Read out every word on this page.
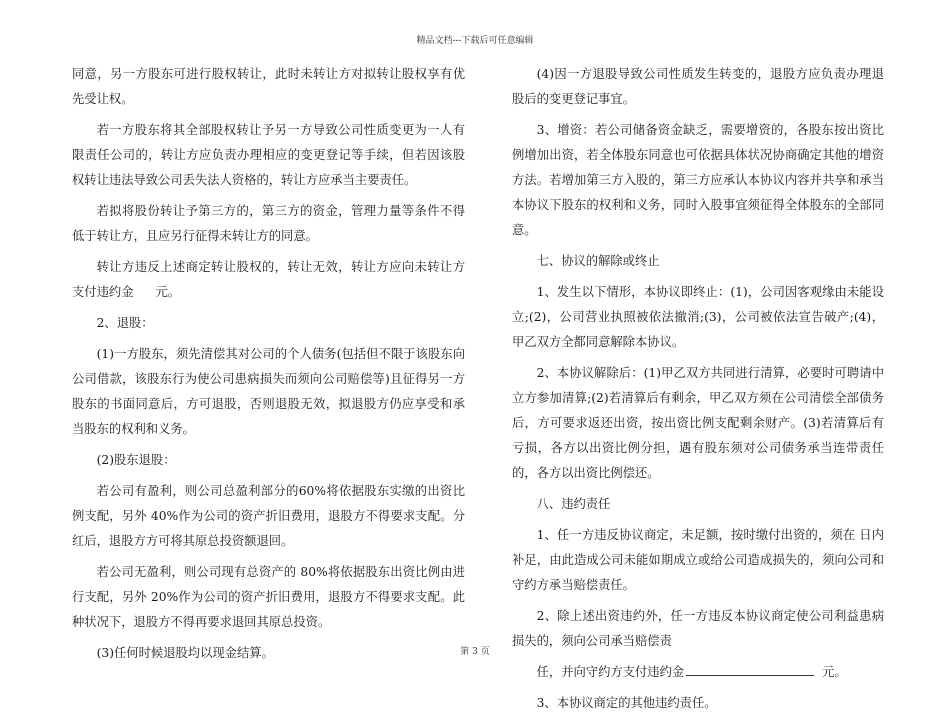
精品文档---下载后可任意编辑

同意，另一方股东可进行股权转让，此时未转让方对拟转让股权享有优先受让权。

若一方股东将其全部股权转让予另一方导致公司性质变更为一人有限责任公司的，转让方应负责办理相应的变更登记等手续，但若因该股权转让违法导致公司丢失法人资格的，转让方应承当主要责任。

若拟将股份转让予第三方的，第三方的资金，管理力量等条件不得低于转让方，且应另行征得未转让方的同意。

转让方违反上述商定转让股权的，转让无效，转让方应向未转让方支付违约金 元。

2、退股：

(1)一方股东，须先清偿其对公司的个人债务(包括但不限于该股东向公司借款，该股东行为使公司患病损失而须向公司赔偿等)且征得另一方股东的书面同意后，方可退股，否则退股无效，拟退股方仍应享受和承当股东的权利和义务。

(2)股东退股：

若公司有盈利，则公司总盈利部分的60%将依据股东实缴的出资比例支配，另外 40%作为公司的资产折旧费用，退股方不得要求支配。分红后，退股方方可将其原总投资额退回。

若公司无盈利，则公司现有总资产的 80%将依据股东出资比例由进行支配，另外 20%作为公司的资产折旧费用，退股方不得要求支配。此种状况下，退股方不得再要求退回其原总投资。

(3)任何时候退股均以现金结算。

(4)因一方退股导致公司性质发生转变的，退股方应负责办理退股后的变更登记事宜。

3、增资：若公司储备资金缺乏，需要增资的，各股东按出资比例增加出资，若全体股东同意也可依据具体状况协商确定其他的增资方法。若增加第三方入股的，第三方应承认本协议内容并共享和承当本协议下股东的权利和义务，同时入股事宜须征得全体股东的全部同意。

七、协议的解除或终止

1、发生以下情形，本协议即终止：(1)，公司因客观缘由未能设立;(2)，公司营业执照被依法撤消;(3)，公司被依法宣告破产;(4)，甲乙双方全都同意解除本协议。

2、本协议解除后：(1)甲乙双方共同进行清算，必要时可聘请中立方参加清算;(2)若清算后有剩余，甲乙双方须在公司清偿全部债务后，方可要求返还出资，按出资比例支配剩余财产。(3)若清算后有亏损，各方以出资比例分担，遇有股东须对公司债务承当连带责任的，各方以出资比例偿还。

八、违约责任

1、任一方违反协议商定，未足额，按时缴付出资的，须在 日内补足，由此造成公司未能如期成立或给公司造成损失的，须向公司和守约方承当赔偿责任。

2、除上述出资违约外，任一方违反本协议商定使公司利益患病损失的，须向公司承当赔偿责

任，并向守约方支付违约金	元。

3、本协议商定的其他违约责任。

第 3 页
